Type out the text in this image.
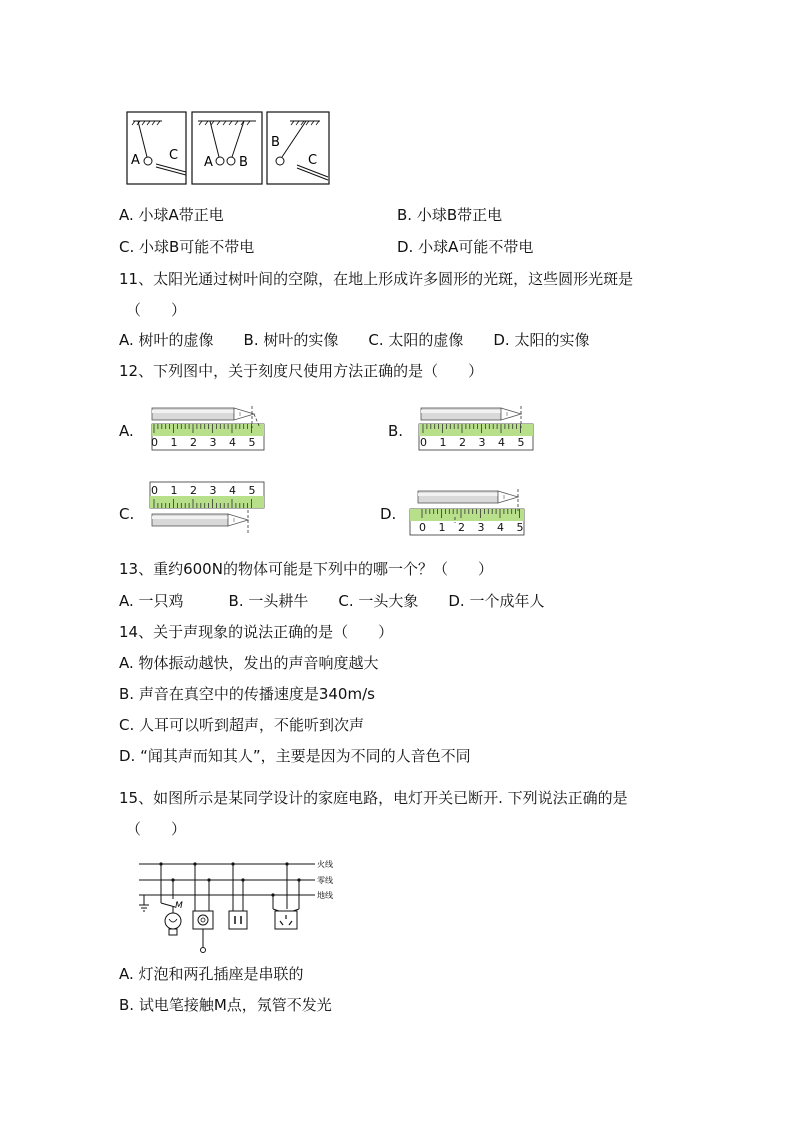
A C A B
B
C
A. 小球A带正电	B. 小球B带正电
C. 小球B可能不带电	D. 小球A可能不带电
11、太阳光通过树叶间的空隙，在地上形成许多圆形的光斑，这些圆形光斑是
（　　）
A. 树叶的虚像　　B. 树叶的实像　　C. 太阳的虚像　　D. 太阳的实像
12、下列图中，关于刻度尺使用方法正确的是（　　）
A.	B.
C.	D.
0 1 2 3 4 5	0 1 2 3 4 5
0 1 2 3 4 5
0 1 2 3 4 5
13、重约600N的物体可能是下列中的哪一个？（　　）
A. 一只鸡　　　B. 一头耕牛　　C. 一头大象　　D. 一个成年人
14、关于声现象的说法正确的是（　　）
A. 物体振动越快，发出的声音响度越大
B. 声音在真空中的传播速度是340m/s
C. 人耳可以听到超声，不能听到次声
D. “闻其声而知其人”，主要是因为不同的人音色不同
15、如图所示是某同学设计的家庭电路，电灯开关已断开. 下列说法正确的是
（　　）
火线
零线
地线
M
A. 灯泡和两孔插座是串联的
B. 试电笔接触M点，氖管不发光
